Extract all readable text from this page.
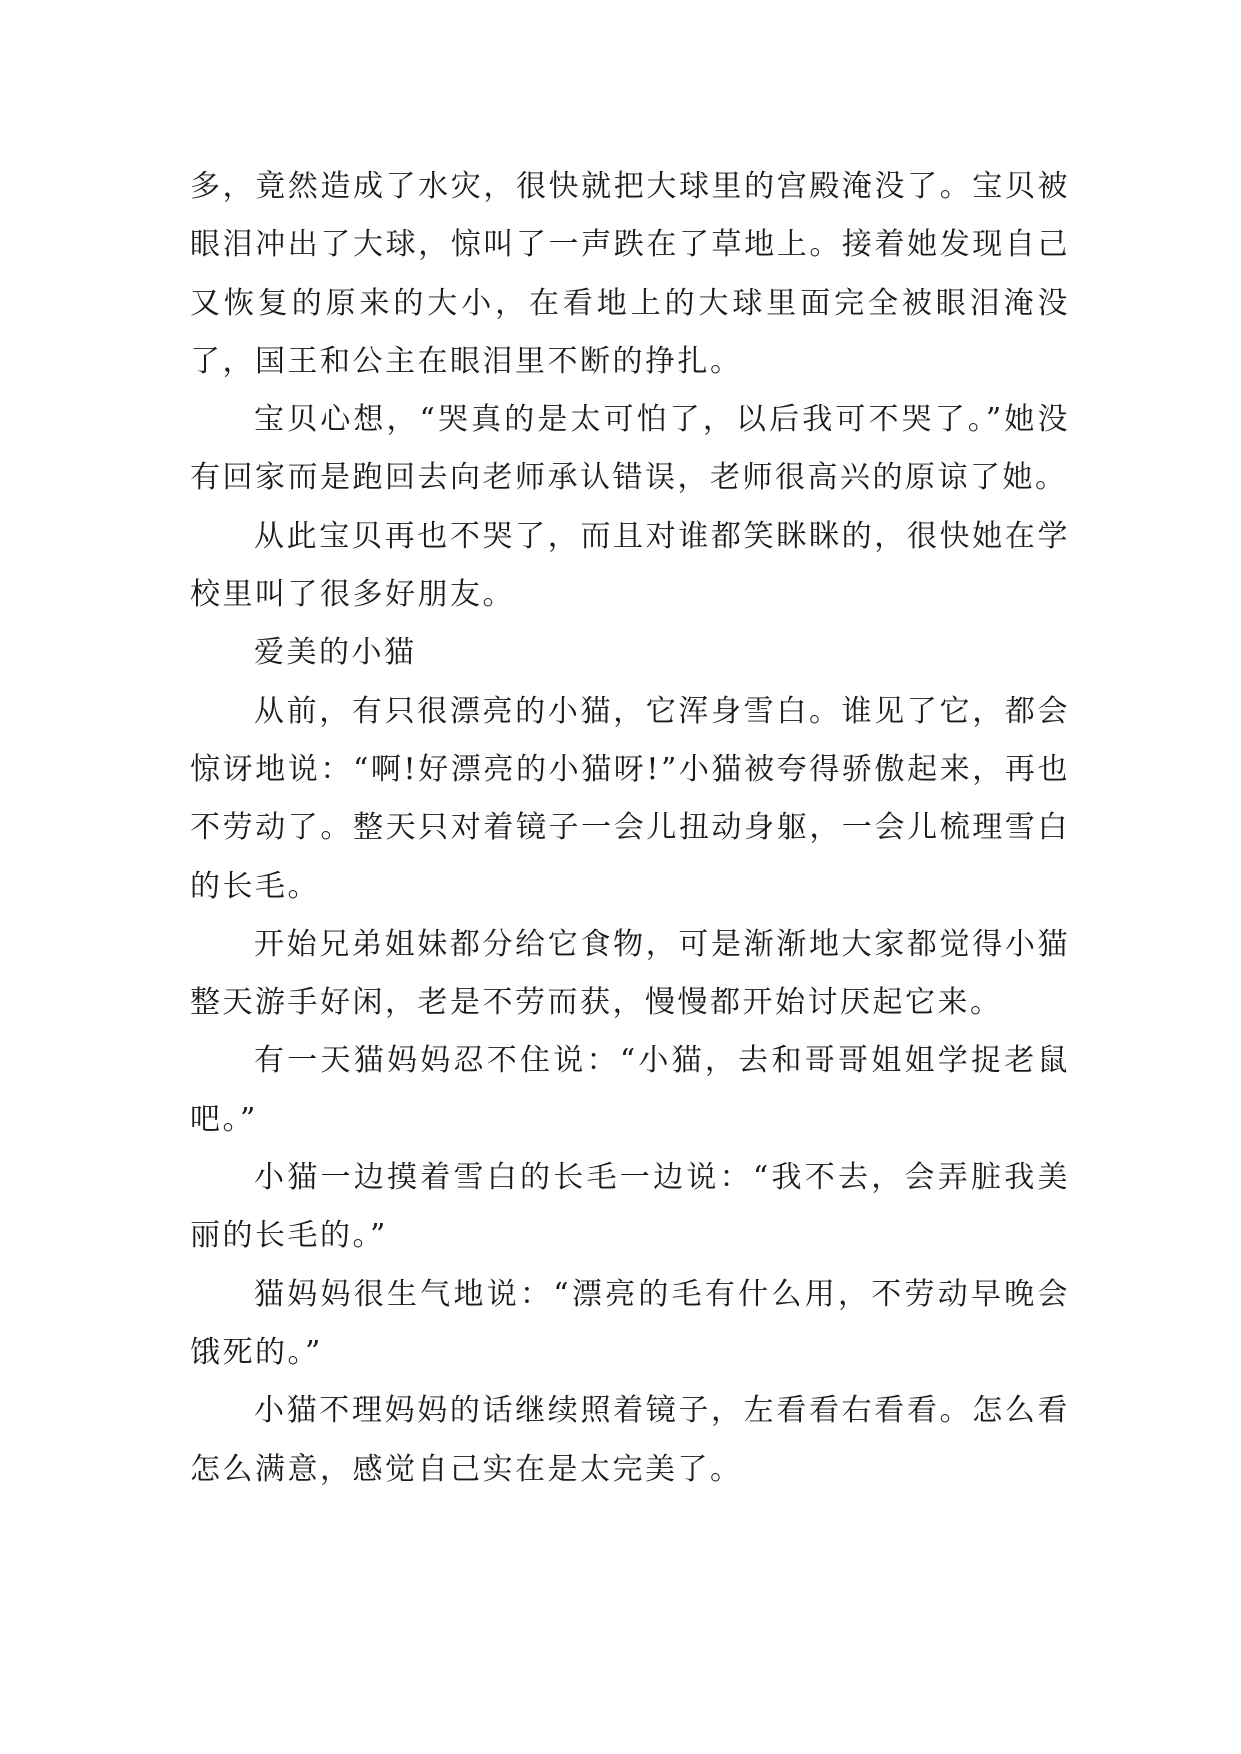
多，竟然造成了水灾，很快就把大球里的宫殿淹没了。宝贝被眼泪冲出了大球，惊叫了一声跌在了草地上。接着她发现自己又恢复的原来的大小，在看地上的大球里面完全被眼泪淹没了，国王和公主在眼泪里不断的挣扎。

宝贝心想，“哭真的是太可怕了，以后我可不哭了。”她没有回家而是跑回去向老师承认错误，老师很高兴的原谅了她。

从此宝贝再也不哭了，而且对谁都笑眯眯的，很快她在学校里叫了很多好朋友。

爱美的小猫

从前，有只很漂亮的小猫，它浑身雪白。谁见了它，都会惊讶地说：“啊!好漂亮的小猫呀!”小猫被夸得骄傲起来，再也不劳动了。整天只对着镜子一会儿扭动身躯，一会儿梳理雪白的长毛。

开始兄弟姐妹都分给它食物，可是渐渐地大家都觉得小猫整天游手好闲，老是不劳而获，慢慢都开始讨厌起它来。

有一天猫妈妈忍不住说：“小猫，去和哥哥姐姐学捉老鼠吧。”

小猫一边摸着雪白的长毛一边说：“我不去，会弄脏我美丽的长毛的。”

猫妈妈很生气地说：“漂亮的毛有什么用，不劳动早晚会饿死的。”

小猫不理妈妈的话继续照着镜子，左看看右看看。怎么看怎么满意，感觉自己实在是太完美了。
